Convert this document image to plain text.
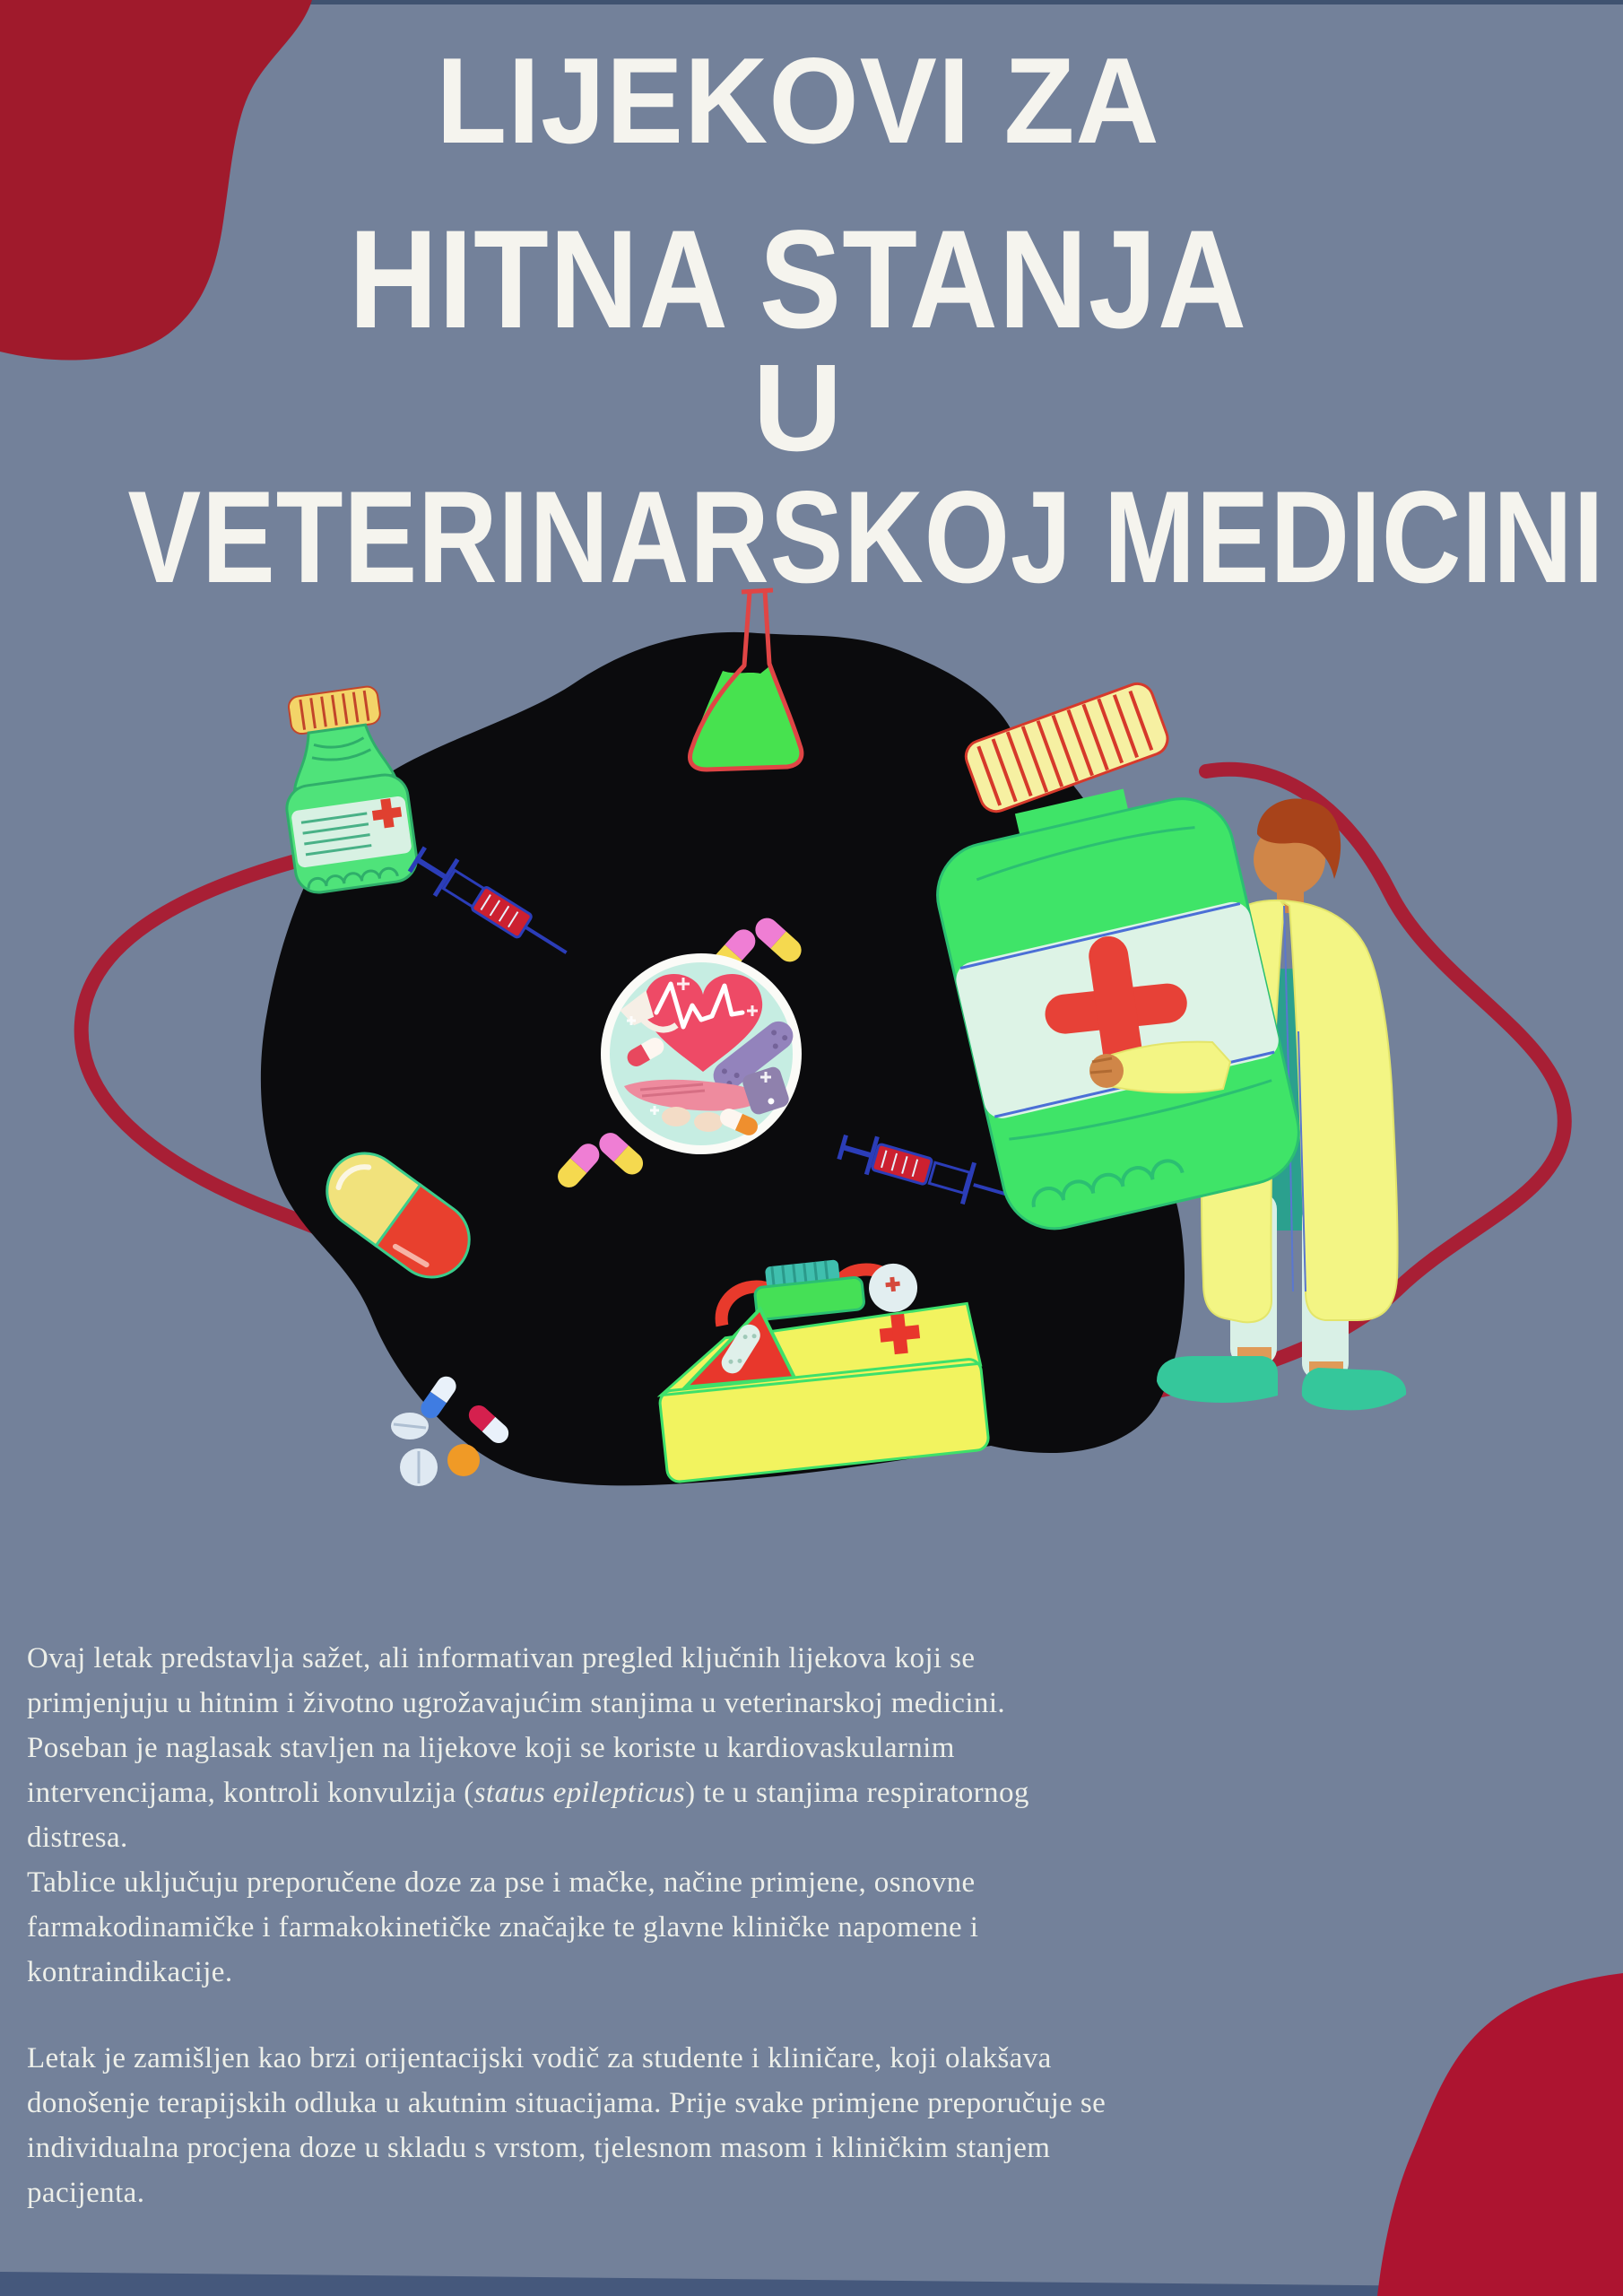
LIJEKOVI ZA
HITNA STANJA
U
VETERINARSKOJ MEDICINI
Ovaj letak predstavlja sažet, ali informativan pregled ključnih lijekova koji se
primjenjuju u hitnim i životno ugrožavajućim stanjima u veterinarskoj medicini.
Poseban je naglasak stavljen na lijekove koji se koriste u kardiovaskularnim
intervencijama, kontroli konvulzija (status epilepticus) te u stanjima respiratornog
distresa.
Tablice uključuju preporučene doze za pse i mačke, načine primjene, osnovne
farmakodinamičke i farmakokinetičke značajke te glavne kliničke napomene i
kontraindikacije.
Letak je zamišljen kao brzi orijentacijski vodič za studente i kliničare, koji olakšava
donošenje terapijskih odluka u akutnim situacijama. Prije svake primjene preporučuje se
individualna procjena doze u skladu s vrstom, tjelesnom masom i kliničkim stanjem
pacijenta.
